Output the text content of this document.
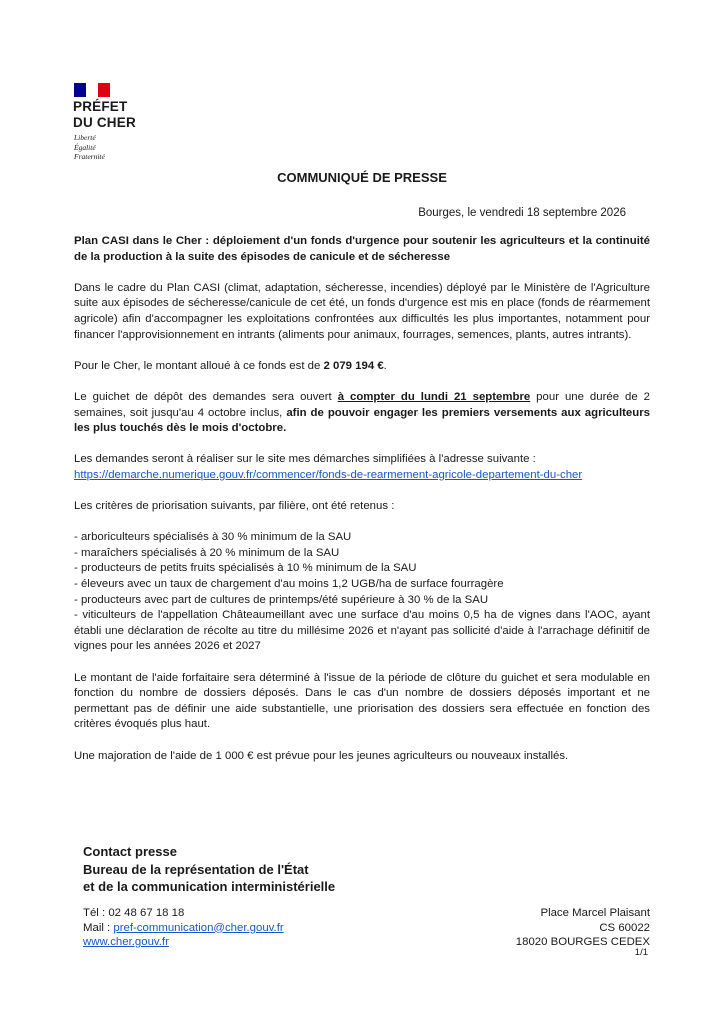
PRÉFET
DU CHER
Liberté
Égalité
Fraternité
COMMUNIQUÉ DE PRESSE
Bourges, le vendredi 18 septembre 2026

Plan CASI dans le Cher : déploiement d'un fonds d'urgence pour soutenir les agriculteurs et la continuité de la production à la suite des épisodes de canicule et de sécheresse

Dans le cadre du Plan CASI (climat, adaptation, sécheresse, incendies) déployé par le Ministère de l'Agriculture suite aux épisodes de sécheresse/canicule de cet été, un fonds d'urgence est mis en place (fonds de réarmement agricole) afin d'accompagner les exploitations confrontées aux difficultés les plus importantes, notamment pour financer l'approvisionnement en intrants (aliments pour animaux, fourrages, semences, plants, autres intrants).

Pour le Cher, le montant alloué à ce fonds est de 2 079 194 €.

Le guichet de dépôt des demandes sera ouvert à compter du lundi 21 septembre pour une durée de 2 semaines, soit jusqu'au 4 octobre inclus, afin de pouvoir engager les premiers versements aux agriculteurs les plus touchés dès le mois d'octobre.

Les demandes seront à réaliser sur le site mes démarches simplifiées à l'adresse suivante :
https://demarche.numerique.gouv.fr/commencer/fonds-de-rearmement-agricole-departement-du-cher

Les critères de priorisation suivants, par filière, ont été retenus :

- arboriculteurs spécialisés à 30 % minimum de la SAU
- maraîchers spécialisés à 20 % minimum de la SAU
- producteurs de petits fruits spécialisés à 10 % minimum de la SAU
- éleveurs avec un taux de chargement d'au moins 1,2 UGB/ha de surface fourragère
- producteurs avec part de cultures de printemps/été supérieure à 30 % de la SAU
- viticulteurs de l'appellation Châteaumeillant avec une surface d'au moins 0,5 ha de vignes dans l'AOC, ayant établi une déclaration de récolte au titre du millésime 2026 et n'ayant pas sollicité d'aide à l'arrachage définitif de vignes pour les années 2026 et 2027

Le montant de l'aide forfaitaire sera déterminé à l'issue de la période de clôture du guichet et sera modulable en fonction du nombre de dossiers déposés. Dans le cas d'un nombre de dossiers déposés important et ne permettant pas de définir une aide substantielle, une priorisation des dossiers sera effectuée en fonction des critères évoqués plus haut.

Une majoration de l'aide de 1 000 € est prévue pour les jeunes agriculteurs ou nouveaux installés.

Contact presse
Bureau de la représentation de l'État
et de la communication interministérielle
Tél : 02 48 67 18 18
Mail : pref-communication@cher.gouv.fr
www.cher.gouv.fr
Place Marcel Plaisant
CS 60022
18020 BOURGES CEDEX
1/1
